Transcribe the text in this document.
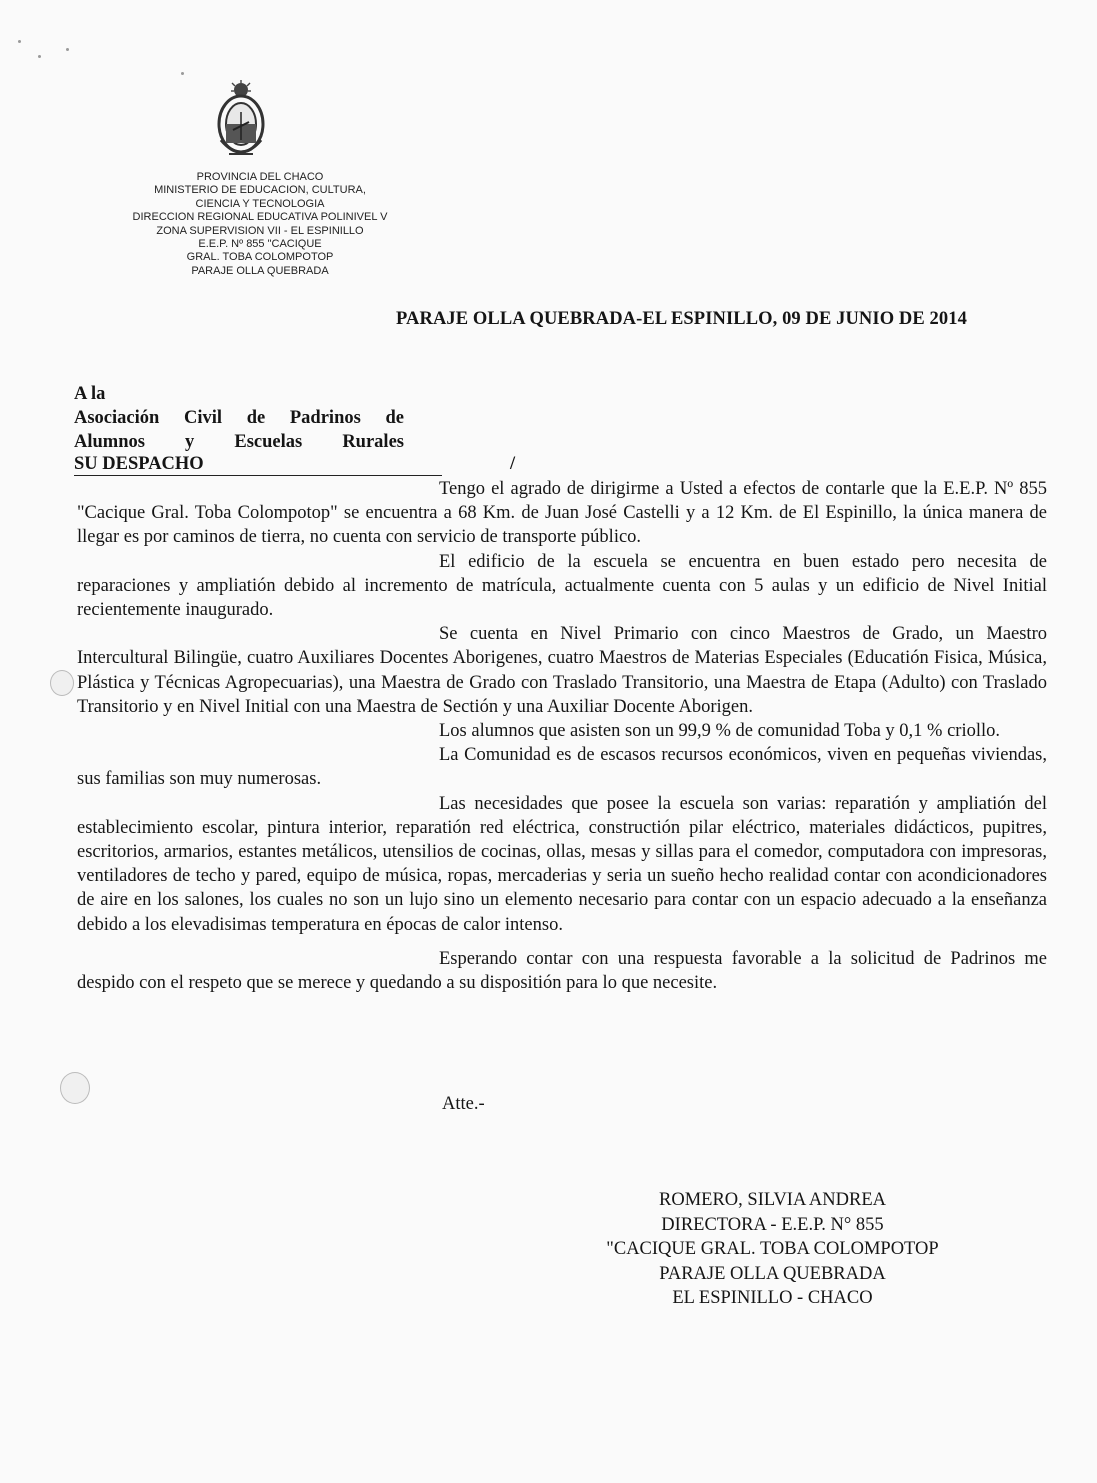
PROVINCIA DEL CHACO
MINISTERIO DE EDUCACION, CULTURA,
CIENCIA Y TECNOLOGIA
DIRECCION REGIONAL EDUCATIVA POLINIVEL V
ZONA SUPERVISION VII - EL ESPINILLO
E.E.P. Nº 855 "CACIQUE
GRAL. TOBA COLOMPOTOP
PARAJE OLLA QUEBRADA
PARAJE OLLA QUEBRADA-EL ESPINILLO, 09 DE JUNIO DE 2014
A la
Asociación Civil de Padrinos de
Alumnos y Escuelas Rurales
SU DESPACHO	/

Tengo el agrado de dirigirme a Usted a efectos de contarle que la E.E.P. Nº 855 "Cacique Gral. Toba Colompotop" se encuentra a 68 Km. de Juan José Castelli y a 12 Km. de El Espinillo, la única manera de llegar es por caminos de tierra, no cuenta con servicio de transporte público.

El edificio de la escuela se encuentra en buen estado pero necesita de reparaciones y ampliatión debido al incremento de matrícula, actualmente cuenta con 5 aulas y un edificio de Nivel Initial recientemente inaugurado.

Se cuenta en Nivel Primario con cinco Maestros de Grado, un Maestro Intercultural Bilingüe, cuatro Auxiliares Docentes Aborigenes, cuatro Maestros de Materias Especiales (Educatión Fisica, Música, Plástica y Técnicas Agropecuarias), una Maestra de Grado con Traslado Transitorio, una Maestra de Etapa (Adulto) con Traslado Transitorio y en Nivel Initial con una Maestra de Sectión y una Auxiliar Docente Aborigen.

Los alumnos que asisten son un 99,9 % de comunidad Toba y 0,1 % criollo.

La Comunidad es de escasos recursos económicos, viven en pequeñas viviendas, sus familias son muy numerosas.

Las necesidades que posee la escuela son varias: reparatión y ampliatión del establecimiento escolar, pintura interior, reparatión red eléctrica, constructión pilar eléctrico, materiales didácticos, pupitres, escritorios, armarios, estantes metálicos, utensilios de cocinas, ollas, mesas y sillas para el comedor, computadora con impresoras, ventiladores de techo y pared, equipo de música, ropas, mercaderias y seria un sueño hecho realidad contar con acondicionadores de aire en los salones, los cuales no son un lujo sino un elemento necesario para contar con un espacio adecuado a la enseñanza debido a los elevadisimas temperatura en épocas de calor intenso.

Esperando contar con una respuesta favorable a la solicitud de Padrinos me despido con el respeto que se merece y quedando a su dispositión para lo que necesite.

Atte.-
ROMERO, SILVIA ANDREA
DIRECTORA - E.E.P. N° 855
"CACIQUE GRAL. TOBA COLOMPOTOP
PARAJE OLLA QUEBRADA
EL ESPINILLO - CHACO
